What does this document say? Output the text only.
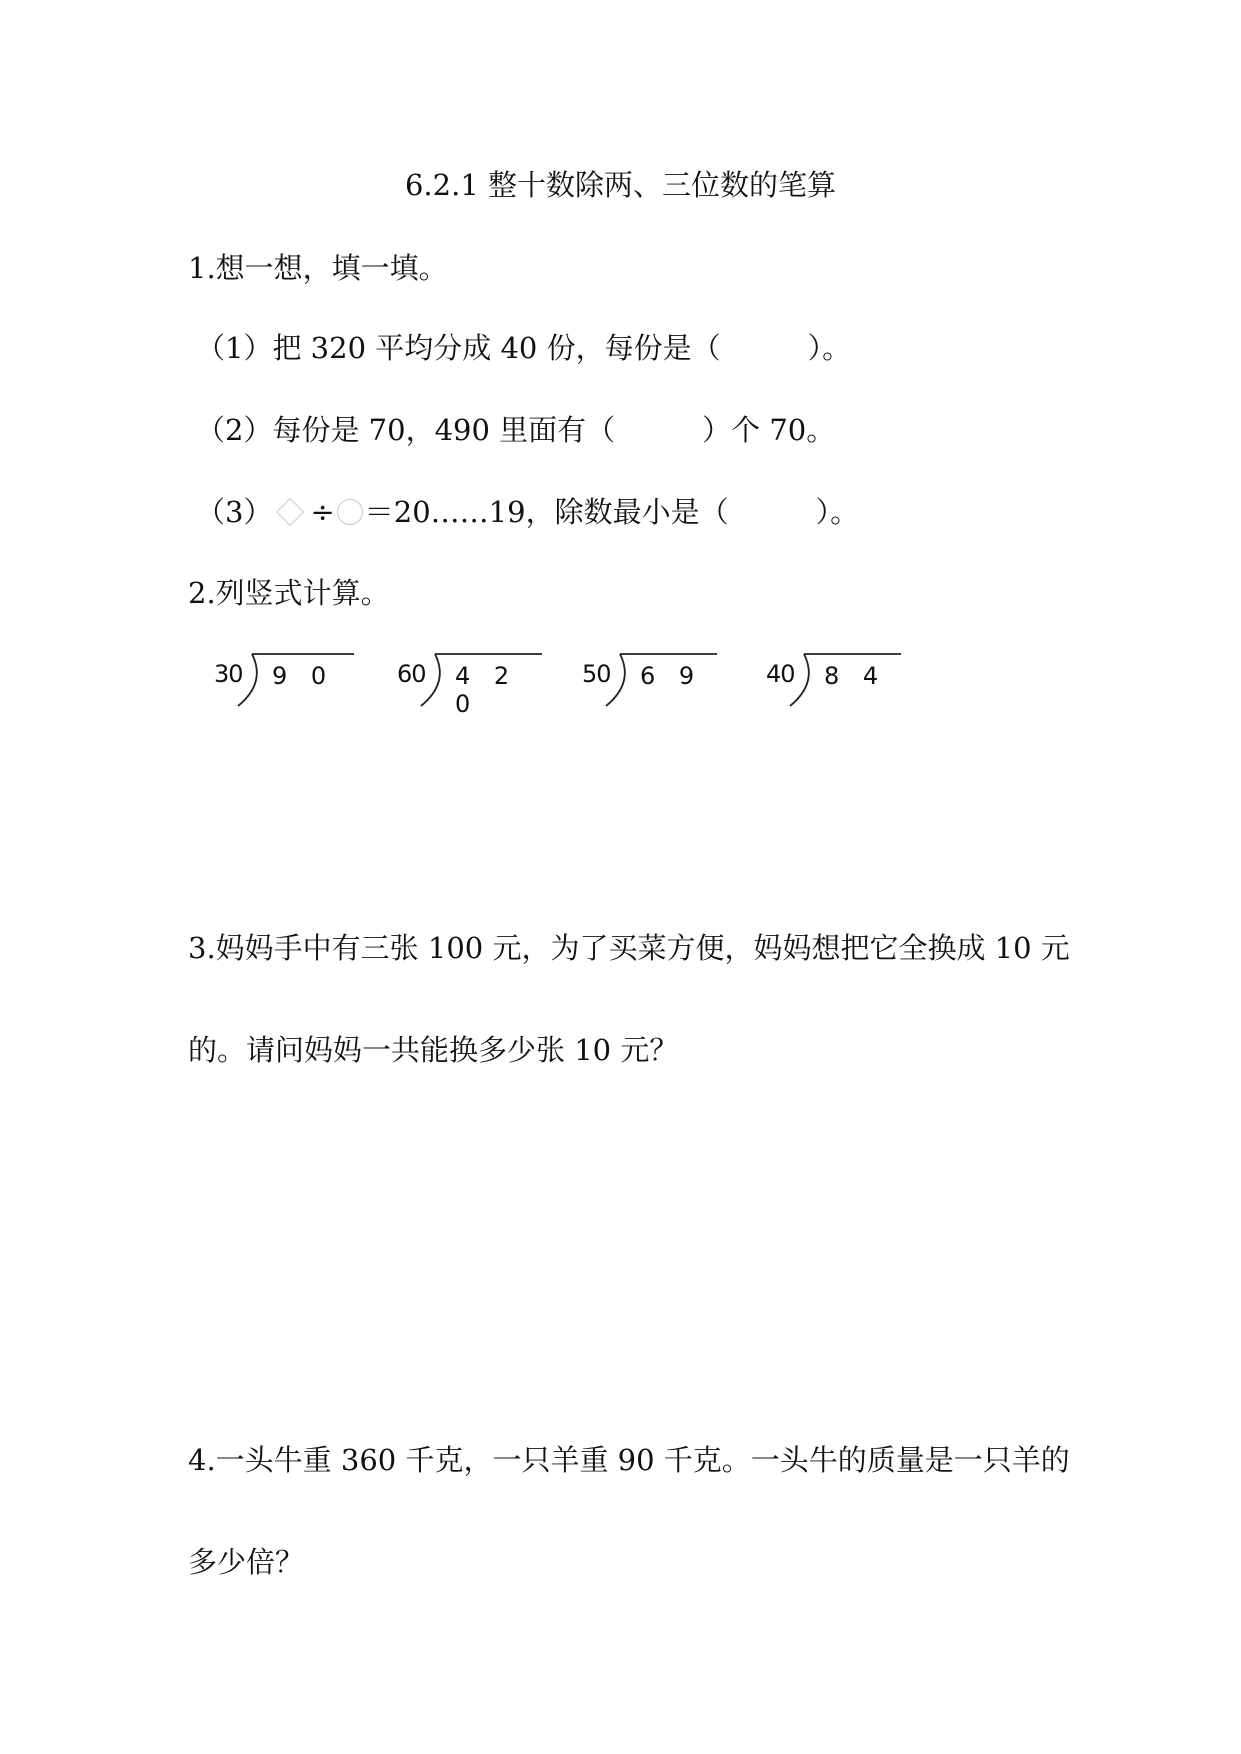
6.2.1 整十数除两、三位数的笔算
1.想一想，填一填。
（1）把 320 平均分成 40 份，每份是（　　　）。
（2）每份是 70，490 里面有（　　　）个 70。
（3） ÷ ＝20……19，除数最小是（　　　）。
2.列竖式计算。
30 9 0	60 4 2 0
50 6 9	40 8 4
3.妈妈手中有三张 100 元，为了买菜方便，妈妈想把它全换成 10 元
的。请问妈妈一共能换多少张 10 元？
4.一头牛重 360 千克，一只羊重 90 千克。一头牛的质量是一只羊的
多少倍？
